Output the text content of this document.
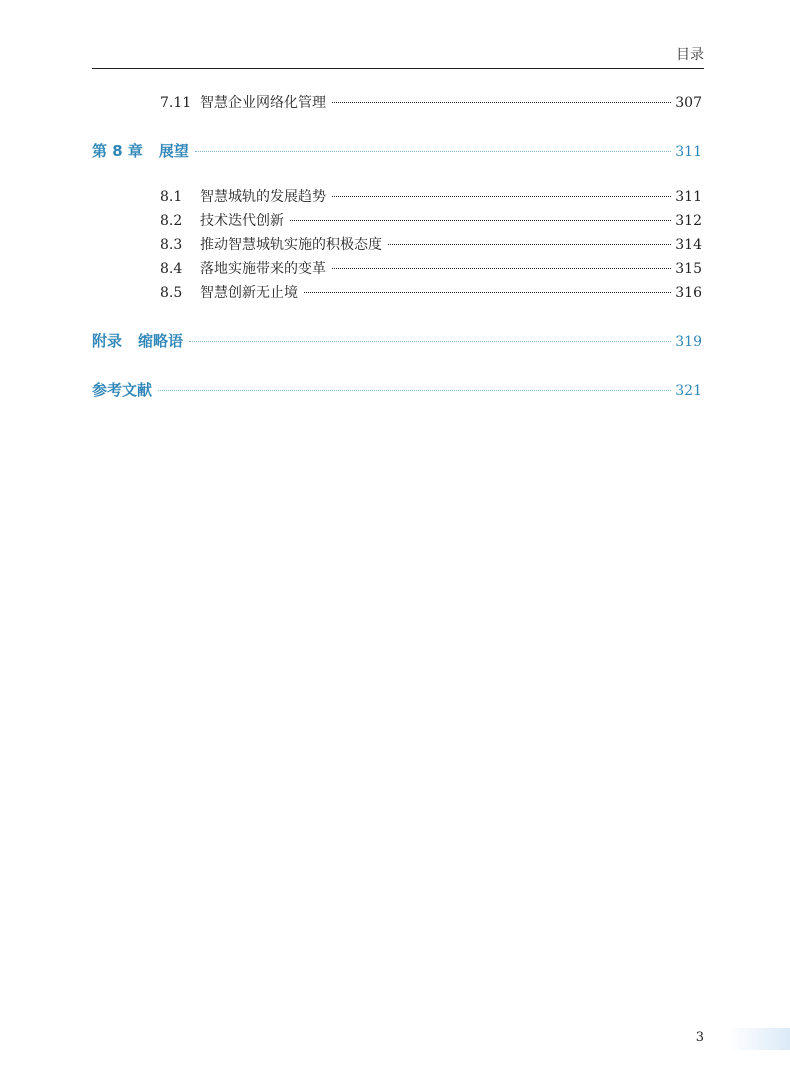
目录
7.11 智慧企业网络化管理	307
第 8 章 展望	311
8.1	智慧城轨的发展趋势	311
8.2	技术迭代创新	312
8.3	推动智慧城轨实施的积极态度	314
8.4	落地实施带来的变革	315
8.5	智慧创新无止境	316
附录 缩略语	319
参考文献	321
3
